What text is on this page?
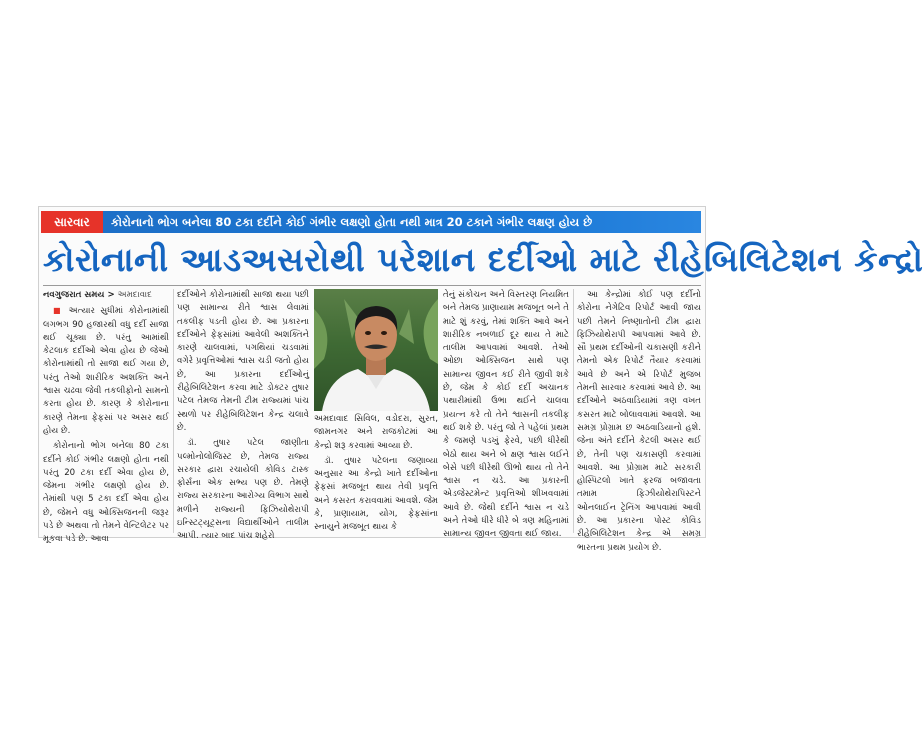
સારવાર	કોરોનાનો ભોગ બનેલા 80 ટકા દર્દીને કોઈ ગંભીર લક્ષણો હોતા નથી માત્ર 20 ટકાને ગંભીર લક્ષણ હોય છે
કોરોનાની આડઅસરોથી પરેશાન દર્દીઓ માટે રીહેબિલિટેશન કેન્દ્રો

નવગુજરાત સમય > અમદાવાદ

■ અત્યાર સુધીમાં કોરોનામાંથી લગભગ 90 હજારથી વધુ દર્દી સાજા થઈ ચૂક્યા છે. પરંતુ આમાંથી કેટલાક દર્દીઓ એવા હોય છે જેઓ કોરોનામાંથી તો સાજા થઈ ગયા છે, પરંતુ તેઓ શારીરિક અશક્તિ અને શ્વાસ ચઢવા જેવી તકલીફોનો સામનો કરતા હોય છે. કારણ કે કોરોનાના કારણે તેમના ફેફસાં પર અસર થઈ હોય છે.

કોરોનાનો ભોગ બનેલા 80 ટકા દર્દીને કોઈ ગંભીર લક્ષણો હોતા નથી પરંતુ 20 ટકા દર્દી એવા હોય છે, જેમના ગંભીર લક્ષણો હોય છે. તેમાંથી પણ 5 ટકા દર્દી એવા હોય છે, જેમને વધુ ઓક્સિજનની જરૂર પડે છે અથવા તો તેમને વેન્ટિલેટર પર મૂકવા પડે છે. આવા

દર્દીઓને કોરોનામાંથી સાજા થયા પછી પણ સામાન્ય રીતે શ્વાસ લેવામાં તકલીફ પડતી હોય છે. આ પ્રકારના દર્દીઓને ફેફસાંમાં આવેલી અશક્તિને કારણે ચાલવામાં, પગથિયાં ચડવામાં વગેરે પ્રવૃત્તિઓમાં શ્વાસ ચડી જતો હોય છે, આ પ્રકારના દર્દીઓનું રીહેબિલિટેશન કરવા માટે ડોક્ટર તુષાર પટેલ તેમજ તેમની ટીમ રાજ્યમાં પાંચ સ્થળો પર રીહેબિલિટેશન કેન્દ્ર ચલાવે છે.

ડૉ. તુષાર પટેલ જાણીતા પલ્મોનોલોજિસ્ટ છે, તેમજ રાજ્ય સરકાર દ્વારા રચાયેલી કોવિડ ટાસ્ક ફોર્સના એક સભ્ય પણ છે. તેમણે રાજ્ય સરકારના આરોગ્ય વિભાગ સાથે મળીને રાજ્યની ફિઝિયોથેરાપી ઇન્સ્ટિટ્યૂટ્સના વિદ્યાર્થીઓને તાલીમ આપી. ત્યાર બાદ પાંચ શહેરો

અમદાવાદ સિવિલ, વડોદરા, સુરત, જામનગર અને રાજકોટમાં આ કેન્દ્રો શરૂ કરવામાં આવ્યા છે.

ડૉ. તુષાર પટેલના જણાવ્યા અનુસાર આ કેન્દ્રો ખાતે દર્દીઓના ફેફસાં મજબૂત થાય તેવી પ્રવૃત્તિ અને કસરત કરાવવામાં આવશે. જેમ કે, પ્રાણાયામ, યોગ, ફેફસાંના સ્નાયુને મજબૂત થાય કે

તેનું સંકોચન અને વિસ્તરણ નિયમિત બને તેમજ પ્રાણાયામ મજબૂત બને તે માટે શું કરવું, તેમાં શક્તિ આવે અને શારીરિક નબળાઈ દૂર થાય તે માટે તાલીમ આપવામાં આવશે. તેઓ ઓછા ઓક્સિજન સાથે પણ સામાન્ય જીવન કઈ રીતે જીવી શકે છે, જેમ કે કોઈ દર્દી અચાનક પથારીમાંથી ઉભા થઈને ચાલવા પ્રયત્ન કરે તો તેને શ્વાસની તકલીફ થઈ શકે છે. પરંતુ જો તે પહેલાં પ્રથમ કે જમણે પડખું ફેરવે, પછી ધીરેથી બેઠો થાય અને બે ક્ષણ શ્વાસ લઈને બેસે પછી ધીરેથી ઊભો થાય તો તેને શ્વાસ ન ચડે. આ પ્રકારની એડજેસ્ટમેન્ટ પ્રવૃત્તિઓ શીખવવામાં આવે છે. જેથી દર્દીને શ્વાસ ન ચડે અને તેઓ ધીરે ધીરે બે ત્રણ મહિનામાં સામાન્ય જીવન જીવતા થઈ જાય.

આ કેન્દ્રોમાં કોઈ પણ દર્દીનો કોરોના નેગેટિવ રિપોર્ટ આવી જાય પછી તેમને નિષ્ણાતોની ટીમ દ્વારા ફિઝિયોથેરાપી આપવામાં આવે છે. સૌ પ્રથમ દર્દીઓની ચકાસણી કરીને તેમનો એક રિપોર્ટ તૈયાર કરવામાં આવે છે અને એ રિપોર્ટ મુજબ તેમની સારવાર કરવામાં આવે છે. આ દર્દીઓને અઠવાડિયામાં ત્રણ વખત કસરત માટે બોલાવવામાં આવશે. આ સમગ્ર પ્રોગ્રામ છ અઠવાડિયાનો હશે. જેના અંતે દર્દીને કેટલી અસર થઈ છે, તેની પણ ચકાસણી કરવામાં આવશે. આ પ્રોગ્રામ માટે સરકારી હોસ્પિટલો ખાતે ફરજ બજાવતા તમામ ફિઝીયોથેરાપિસ્ટને ઓનલાઈન ટ્રેનિંગ આપવામાં આવી છે. આ પ્રકારના પોસ્ટ કોવિડ રીહેબિલિટેશન કેન્દ્ર એ સમગ્ર ભારતના પ્રથમ પ્રયોગ છે.
